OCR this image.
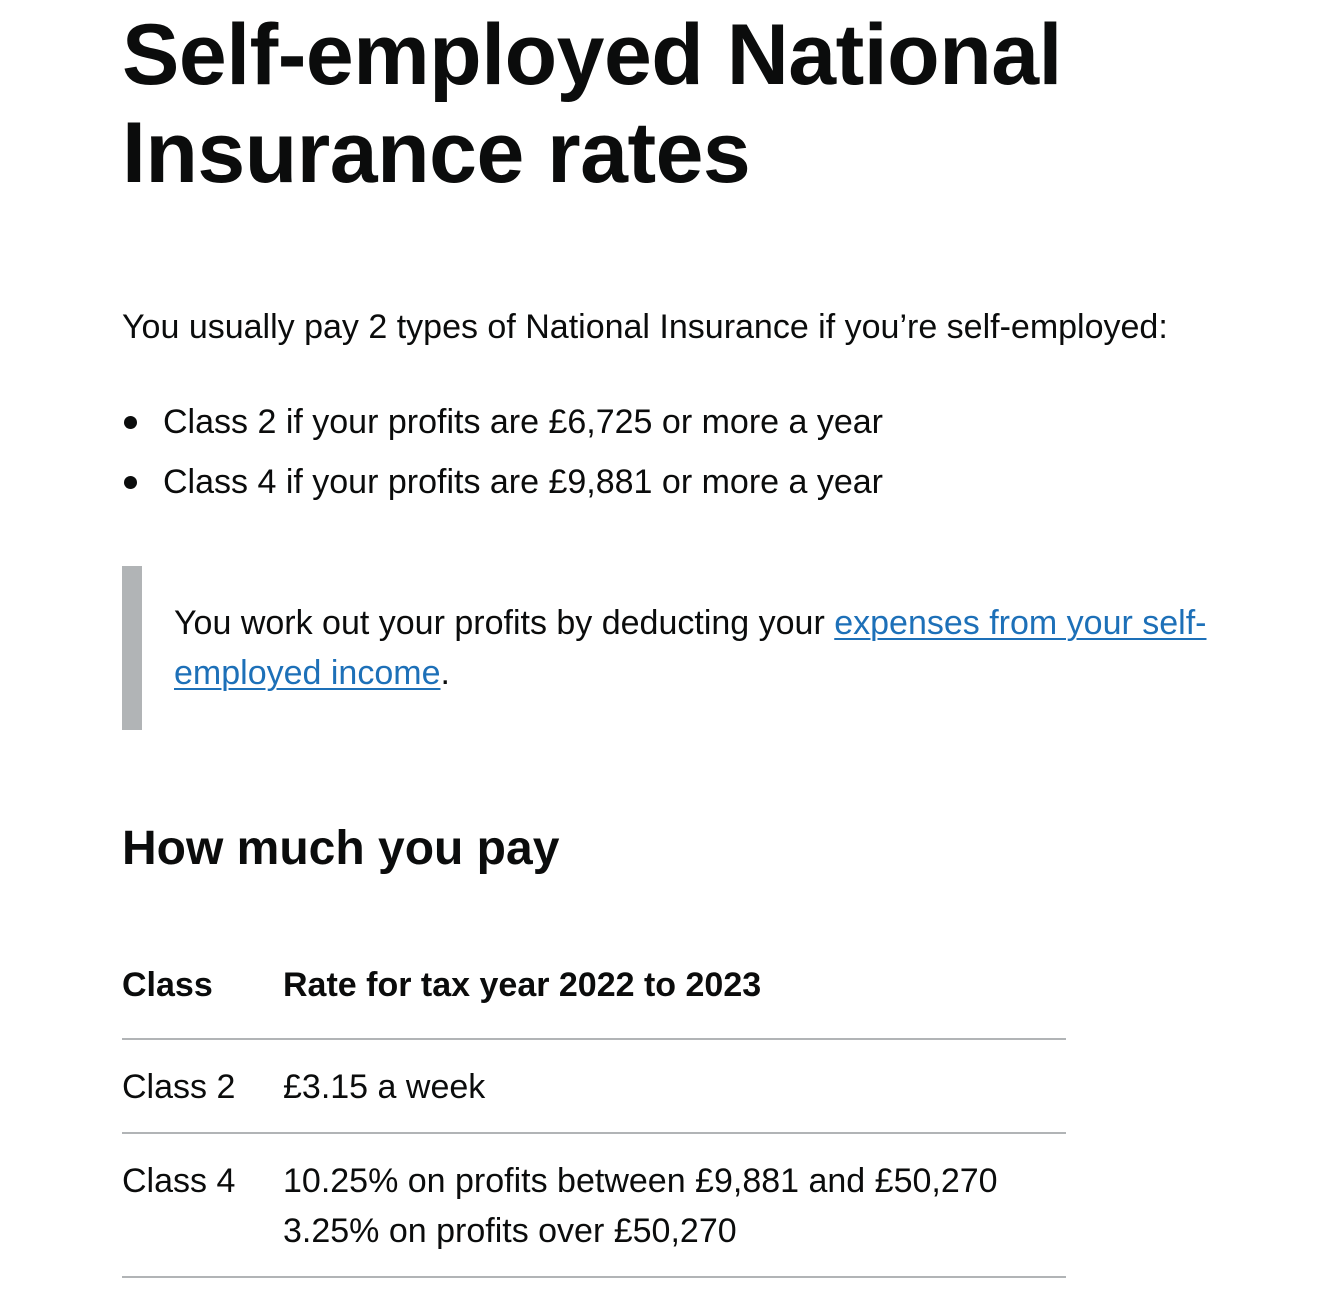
Self-employed National
Insurance rates

You usually pay 2 types of National Insurance if you’re self-employed:

Class 2 if your profits are £6,725 or more a year
Class 4 if your profits are £9,881 or more a year

You work out your profits by deducting your expenses from your self-employed income.

How much you pay
Class	Rate for tax year 2022 to 2023
Class 2	£3.15 a week

Class 4	10.25% on profits between £9,881 and £50,270
3.25% on profits over £50,270
